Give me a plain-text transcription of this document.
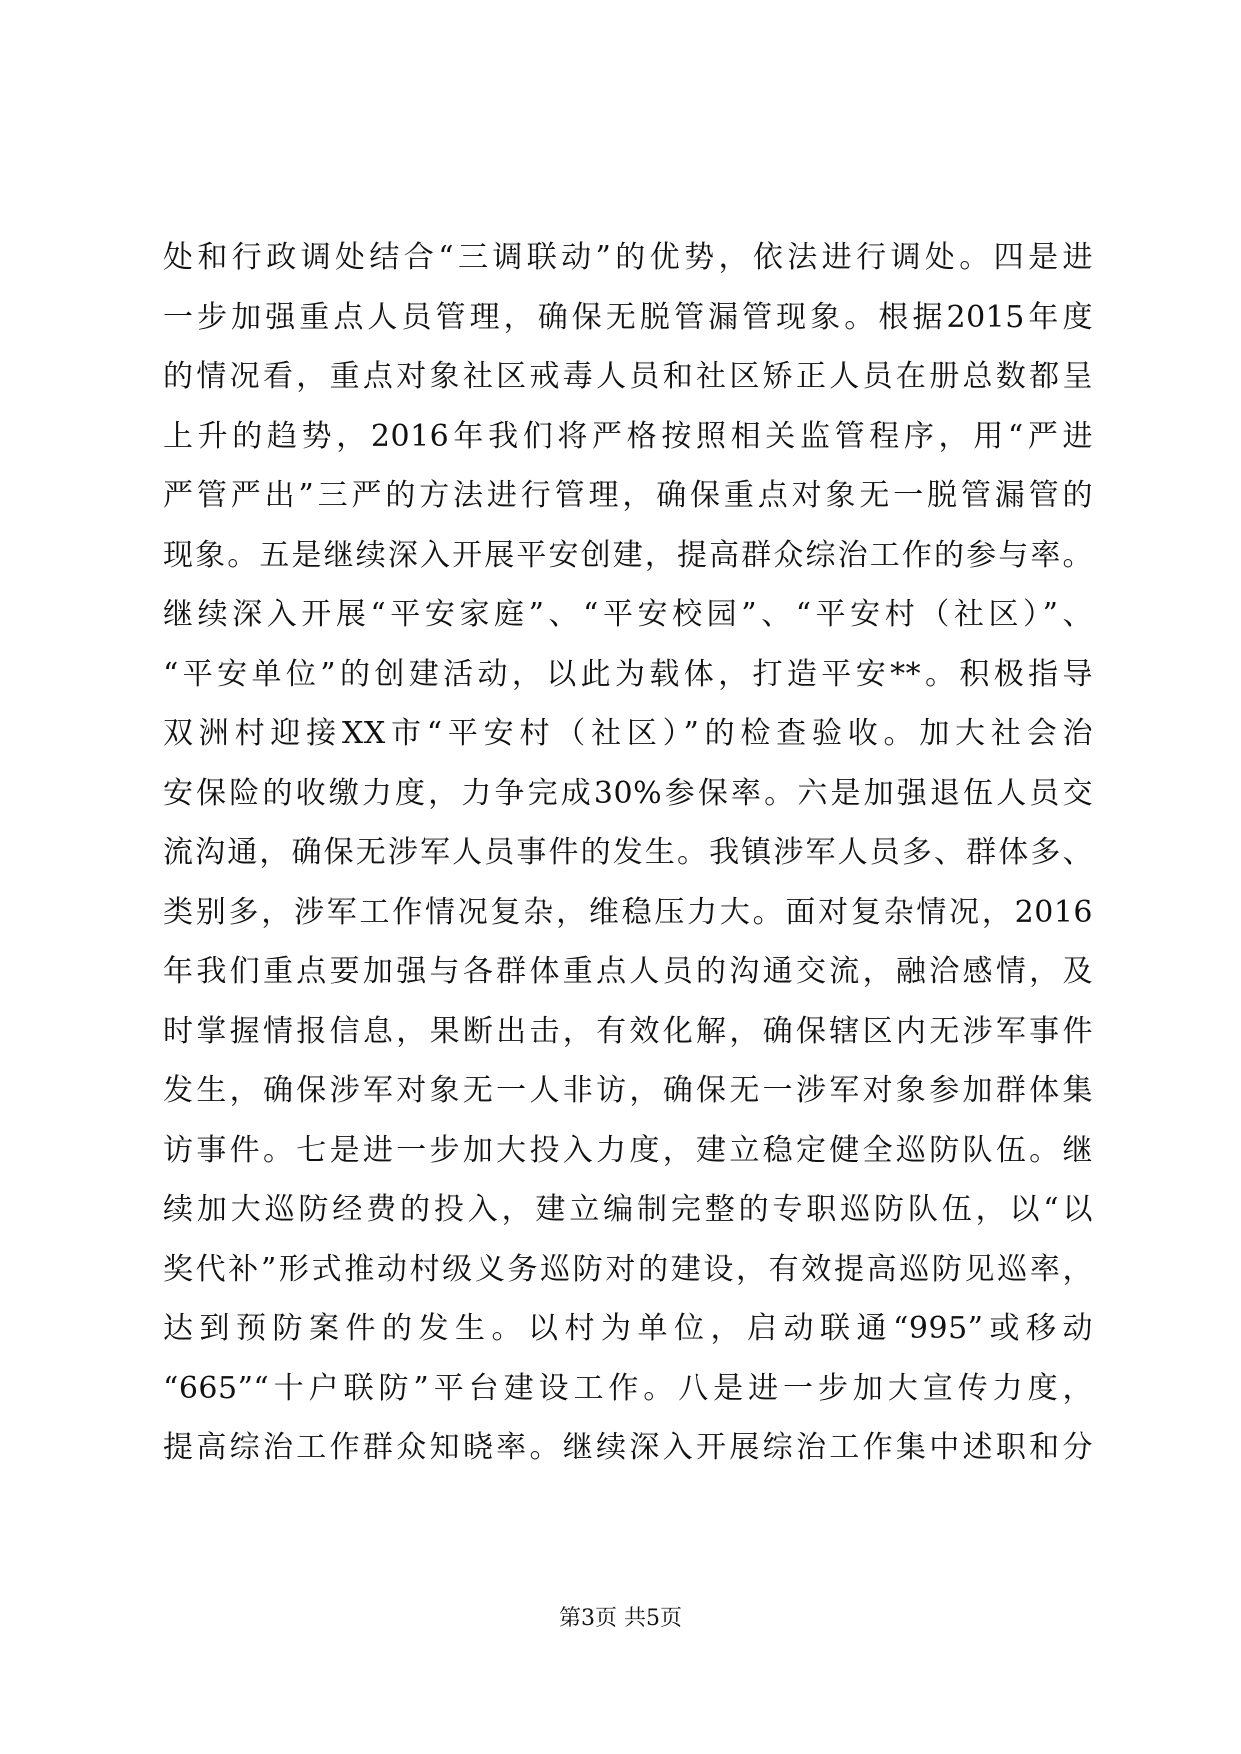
处和行政调处结合“三调联动”的优势，依法进行调处。四是进
一步加强重点人员管理，确保无脱管漏管现象。根据2015年度
的情况看，重点对象社区戒毒人员和社区矫正人员在册总数都呈
上升的趋势，2016年我们将严格按照相关监管程序，用“严进
严管严出”三严的方法进行管理，确保重点对象无一脱管漏管的
现象。五是继续深入开展平安创建，提高群众综治工作的参与率。
继续深入开展“平安家庭”、“平安校园”、“平安村（社区）”、
“平安单位”的创建活动，以此为载体，打造平安**。积极指导
双洲村迎接XX市“平安村（社区）”的检查验收。加大社会治
安保险的收缴力度，力争完成30%参保率。六是加强退伍人员交
流沟通，确保无涉军人员事件的发生。我镇涉军人员多、群体多、
类别多，涉军工作情况复杂，维稳压力大。面对复杂情况，2016
年我们重点要加强与各群体重点人员的沟通交流，融洽感情，及
时掌握情报信息，果断出击，有效化解，确保辖区内无涉军事件
发生，确保涉军对象无一人非访，确保无一涉军对象参加群体集
访事件。七是进一步加大投入力度，建立稳定健全巡防队伍。继
续加大巡防经费的投入，建立编制完整的专职巡防队伍，以“以
奖代补”形式推动村级义务巡防对的建设，有效提高巡防见巡率，
达到预防案件的发生。以村为单位，启动联通“995”或移动
“665”“十户联防”平台建设工作。八是进一步加大宣传力度，
提高综治工作群众知晓率。继续深入开展综治工作集中述职和分
第3页 共5页
